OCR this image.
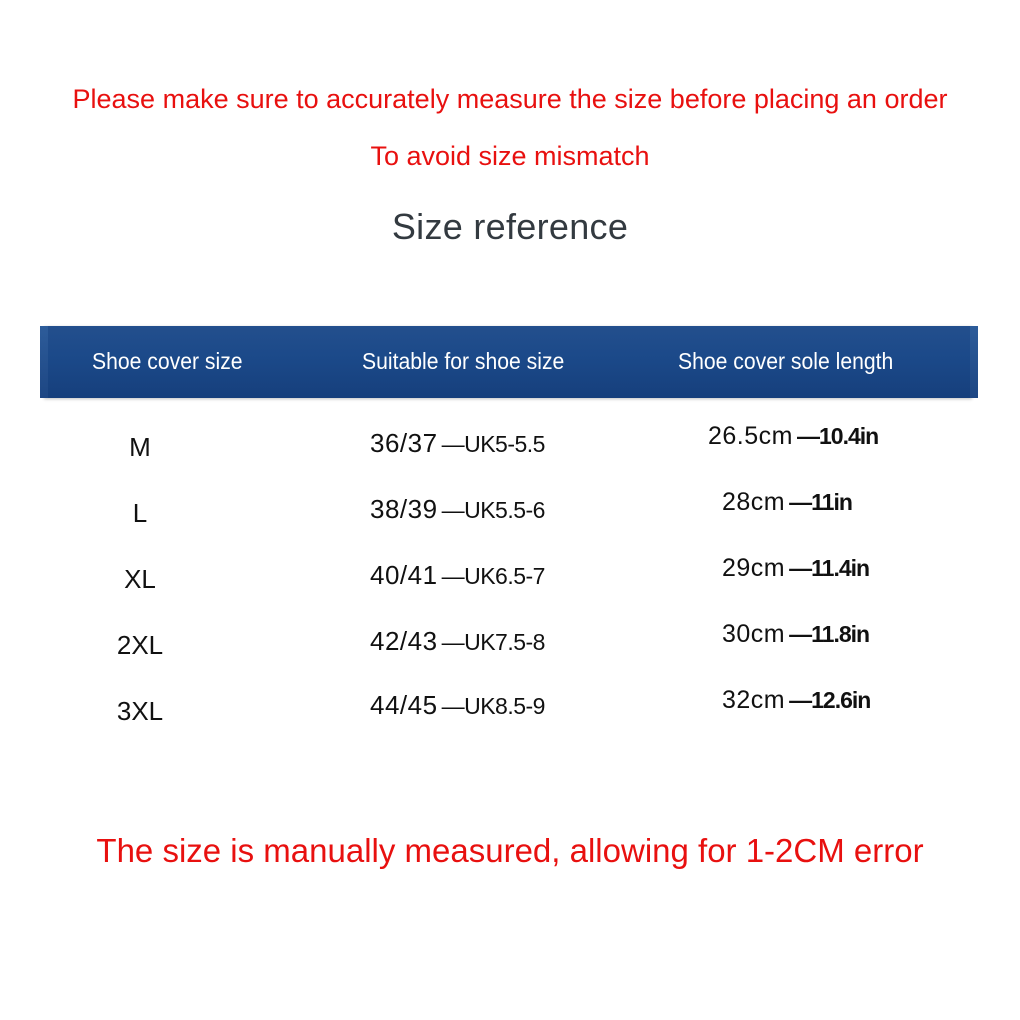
Please make sure to accurately measure the size before placing an order
To avoid size mismatch
Size reference
Shoe cover size	Suitable for shoe size	Shoe cover sole length
M	36/37 —UK5-5.5	26.5cm —10.4in
L	38/39 —UK5.5-6	28cm —11in
XL	40/41 —UK6.5-7	29cm —11.4in
2XL	42/43 —UK7.5-8	30cm —11.8in
3XL	44/45 —UK8.5-9	32cm —12.6in
The size is manually measured, allowing for 1-2CM error
